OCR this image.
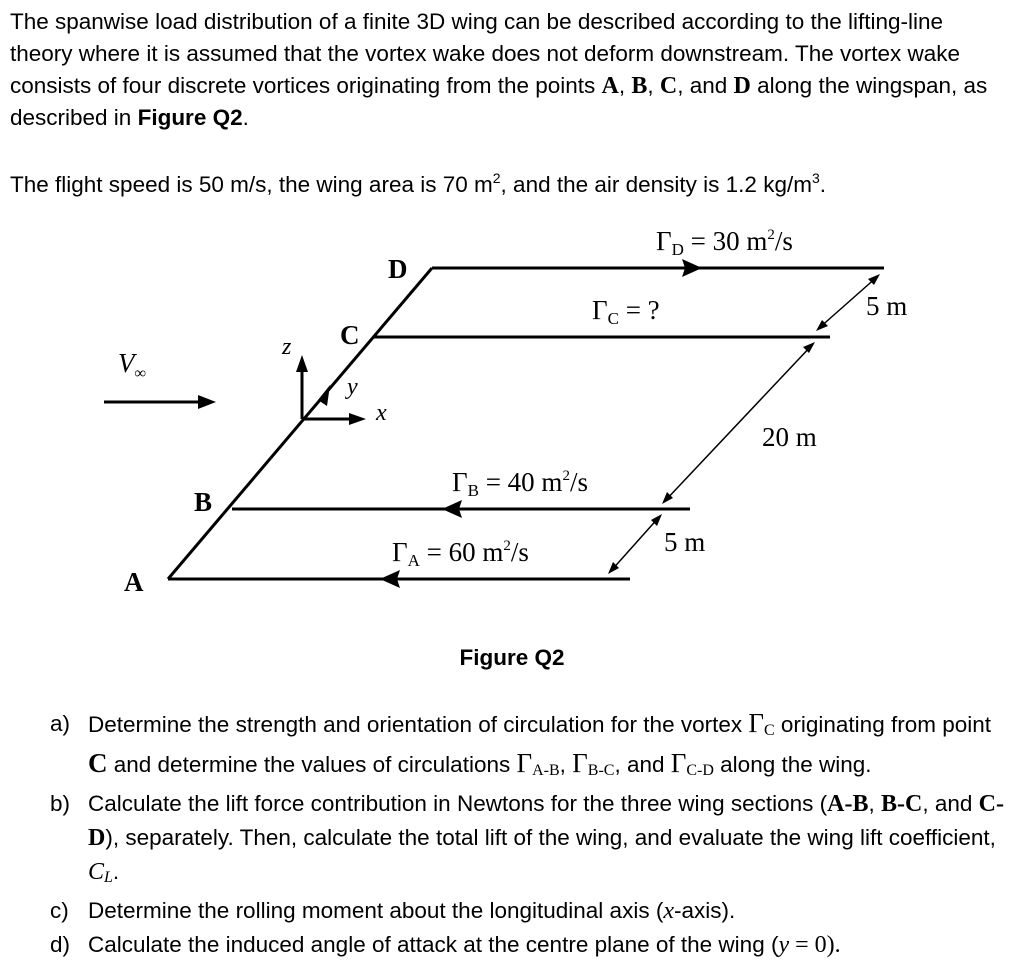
The spanwise load distribution of a finite 3D wing can be described according to the lifting-line theory where it is assumed that the vortex wake does not deform downstream. The vortex wake consists of four discrete vortices originating from the points A, B, C, and D along the wingspan, as described in Figure Q2.

The flight speed is 50 m/s, the wing area is 70 $m^2$, and the air density is 1.2 $kg/m^3$.

$V_\infty$
A
B
C
D
z
y
x
ΓD = 30 $m^2/s$
ΓC = ?
ΓB = 40 $m^2/s$
ΓA = 60 $m^2/s$
5 m
20 m
5 m
Figure Q2
a) Determine the strength and orientation of circulation for the vortex ΓC originating from point C and determine the values of circulations ΓA-B, ΓB-C, and ΓC-D along the wing.
b) Calculate the lift force contribution in Newtons for the three wing sections (A-B, B-C, and C-D), separately. Then, calculate the total lift of the wing, and evaluate the wing lift coefficient, CL.
c) Determine the rolling moment about the longitudinal axis (x-axis).
d) Calculate the induced angle of attack at the centre plane of the wing (y = 0).
